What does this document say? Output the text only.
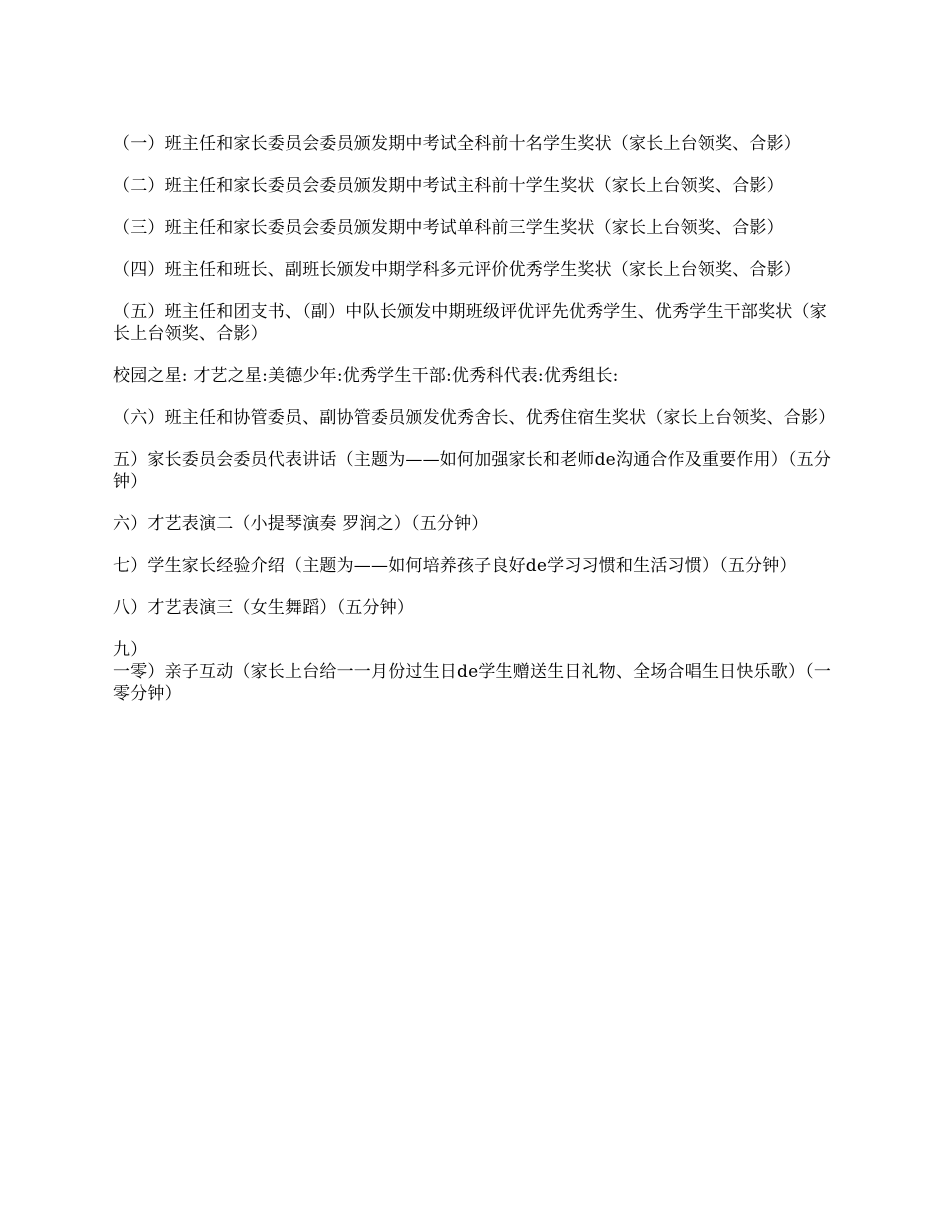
（一）班主任和家长委员会委员颁发期中考试全科前十名学生奖状（家长上台领奖、合影）

（二）班主任和家长委员会委员颁发期中考试主科前十学生奖状（家长上台领奖、合影）

（三）班主任和家长委员会委员颁发期中考试单科前三学生奖状（家长上台领奖、合影）

（四）班主任和班长、副班长颁发中期学科多元评价优秀学生奖状（家长上台领奖、合影）

（五）班主任和团支书、（副）中队长颁发中期班级评优评先优秀学生、优秀学生干部奖状（家长上台领奖、合影）

校园之星: 才艺之星:美德少年:优秀学生干部:优秀科代表:优秀组长:

（六）班主任和协管委员、副协管委员颁发优秀舍长、优秀住宿生奖状（家长上台领奖、合影）

五）家长委员会委员代表讲话（主题为——如何加强家长和老师de沟通合作及重要作用）（五分钟）

六）才艺表演二（小提琴演奏 罗润之）（五分钟）

七）学生家长经验介绍（主题为——如何培养孩子良好de学习习惯和生活习惯）（五分钟）

八）才艺表演三（女生舞蹈）（五分钟）

九）

一零）亲子互动（家长上台给一一月份过生日de学生赠送生日礼物、全场合唱生日快乐歌）（一零分钟）
